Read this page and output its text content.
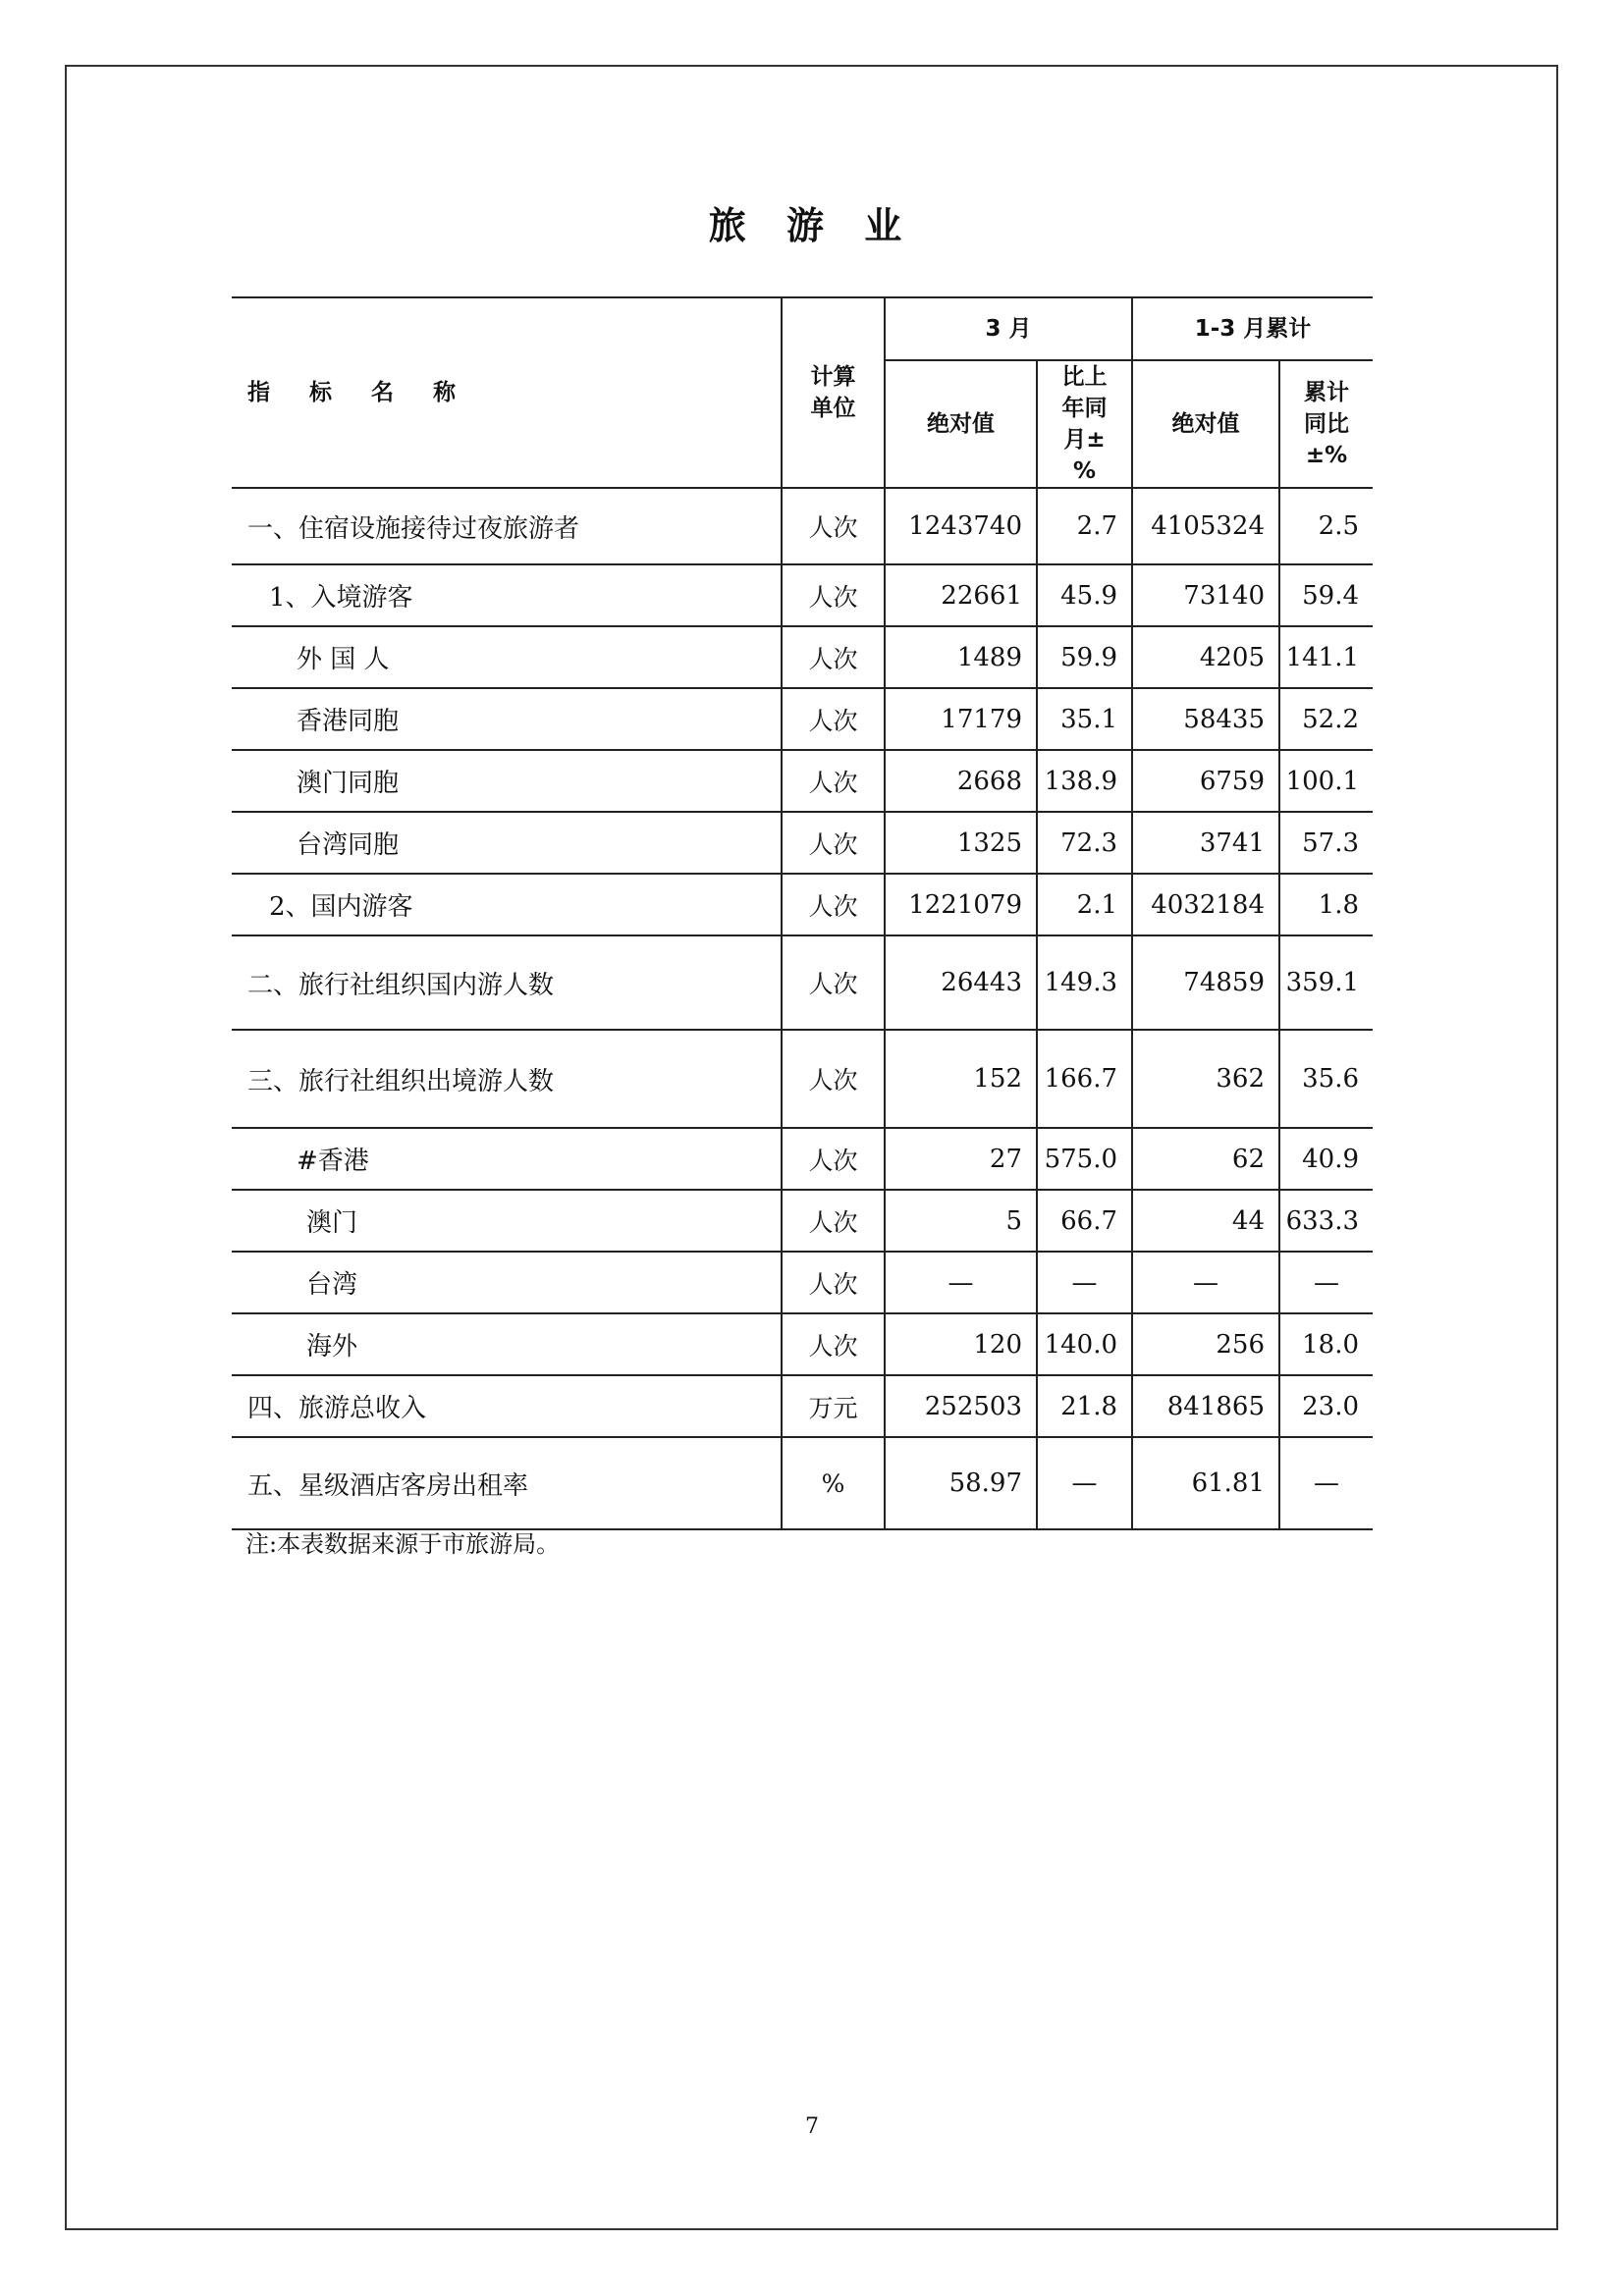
旅 游 业
指 标 名 称	计算单位	3 月		1-3 月累计	
		绝对值	比上年同月±%	绝对值	累计同比±%

一、住宿设施接待过夜旅游者	人次	1243740	2.7	4105324	2.5
1、入境游客	人次	22661	45.9	73140	59.4
外 国 人	人次	1489	59.9	4205	141.1
香港同胞	人次	17179	35.1	58435	52.2
澳门同胞	人次	2668	138.9	6759	100.1
台湾同胞	人次	1325	72.3	3741	57.3
2、国内游客	人次	1221079	2.1	4032184	1.8
二、旅行社组织国内游人数	人次	26443	149.3	74859	359.1
三、旅行社组织出境游人数	人次	152	166.7	362	35.6
#香港	人次	27	575.0	62	40.9
澳门	人次	5	66.7	44	633.3
台湾	人次	—	—	—	—
海外	人次	120	140.0	256	18.0
四、旅游总收入	万元	252503	21.8	841865	23.0
五、星级酒店客房出租率	%	58.97	—	61.81	—
注:本表数据来源于市旅游局。
7
